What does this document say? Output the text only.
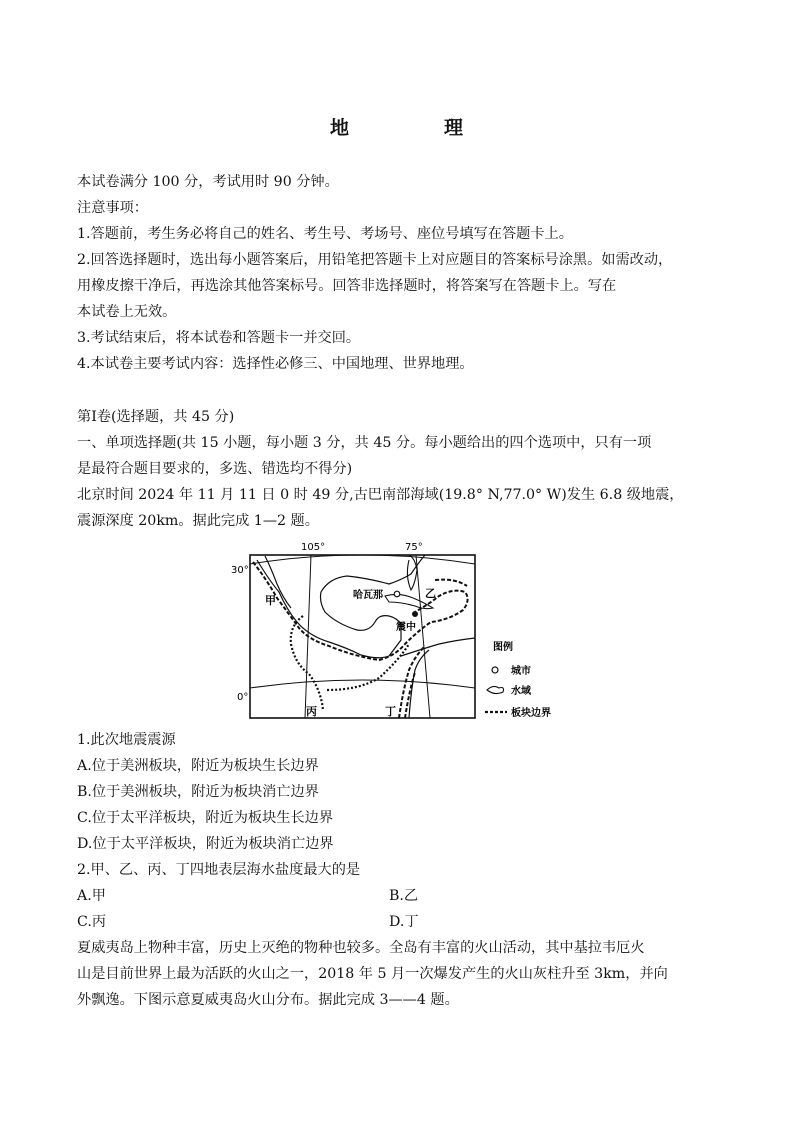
地　理
本试卷满分 100 分，考试用时 90 分钟。
注意事项：
1.答题前，考生务必将自己的姓名、考生号、考场号、座位号填写在答题卡上。
2.回答选择题时，选出每小题答案后，用铅笔把答题卡上对应题目的答案标号涂黑。如需改动，
用橡皮擦干净后，再选涂其他答案标号。回答非选择题时，将答案写在答题卡上。写在
本试卷上无效。
3.考试结束后，将本试卷和答题卡一并交回。
4.本试卷主要考试内容：选择性必修三、中国地理、世界地理。
第Ⅰ卷(选择题，共 45 分)
一、单项选择题(共 15 小题，每小题 3 分，共 45 分。每小题给出的四个选项中，只有一项
是最符合题目要求的，多选、错选均不得分)
北京时间 2024 年 11 月 11 日 0 时 49 分,古巴南部海域(19.8° N,77.0° W)发生 6.8 级地震，
震源深度 20km。据此完成 1—2 题。
105°	75°
30°
0°
甲
乙
丙	丁
哈瓦那
震中
图例
城市
水域
板块边界
1.此次地震震源
A.位于美洲板块，附近为板块生长边界
B.位于美洲板块，附近为板块消亡边界
C.位于太平洋板块，附近为板块生长边界
D.位于太平洋板块，附近为板块消亡边界
2.甲、乙、丙、丁四地表层海水盐度最大的是
A.甲	B.乙
C.丙	D.丁
夏威夷岛上物种丰富，历史上灭绝的物种也较多。全岛有丰富的火山活动，其中基拉韦厄火
山是目前世界上最为活跃的火山之一，2018 年 5 月一次爆发产生的火山灰柱升至 3km，并向
外飘逸。下图示意夏威夷岛火山分布。据此完成 3——4 题。
